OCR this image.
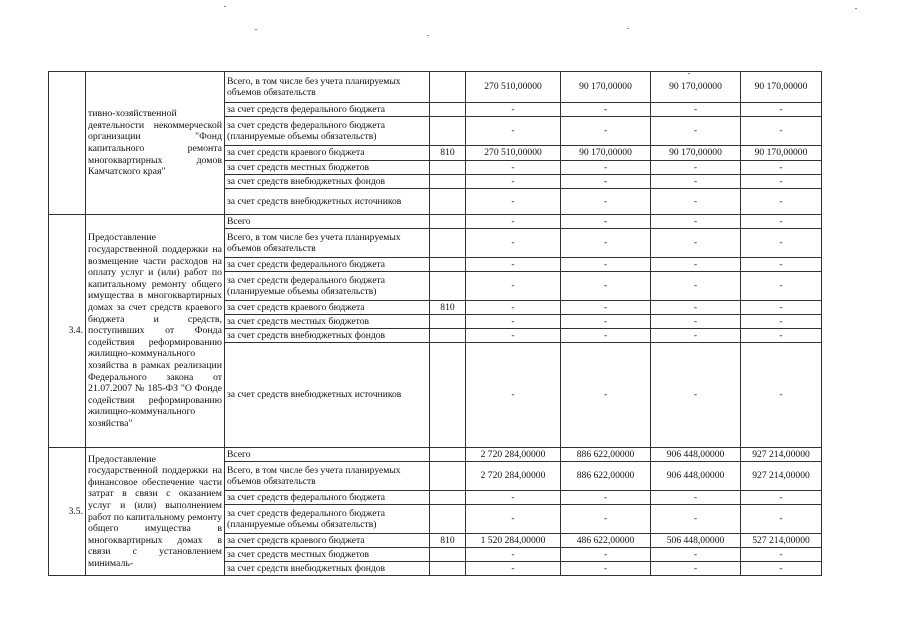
	тивно-хозяйственной деятельности некоммерческой организации "Фонд капитального ремонта многоквартирных домов Камчатского края"	Всего, в том числе без учета планируемых объемов обязательств		270 510,00000	90 170,00000	90 170,00000	90 170,00000
		за счет средств федерального бюджета		-	-	-	-
		за счет средств федерального бюджета (планируемые объемы обязательств)		-	-	-	-
		за счет средств краевого бюджета	810	270 510,00000	90 170,00000	90 170,00000	90 170,00000
		за счет средств местных бюджетов		-	-	-	-
		за счет средств внебюджетных фондов		-	-	-	-
		за счет средств внебюджетных источников		-	-	-	-
3.4.	Предоставление государственной поддержки на возмещение части расходов на оплату услуг и (или) работ по капитальному ремонту общего имущества в многоквартирных домах за счет средств краевого бюджета и средств, поступивших от Фонда содействия реформированию жилищно-коммунального хозяйства в рамках реализации Федерального закона от 21.07.2007 № 185-ФЗ "О Фонде содействия реформированию жилищно-коммунального хозяйства"	Всего		-	-	-	-
		Всего, в том числе без учета планируемых объемов обязательств		-	-	-	-
		за счет средств федерального бюджета		-	-	-	-
		за счет средств федерального бюджета (планируемые объемы обязательств)		-	-	-	-
		за счет средств краевого бюджета	810	-	-	-	-
		за счет средств местных бюджетов		-	-	-	-
		за счет средств внебюджетных фондов		-	-	-	-
		за счет средств внебюджетных источников		-	-	-	-
3.5.	Предоставление государственной поддержки на финансовое обеспечение части затрат в связи с оказанием услуг и (или) выполнением работ по капитальному ремонту общего имущества в многоквартирных домах в связи с установлением минималь-	Всего		2 720 284,00000	886 622,00000	906 448,00000	927 214,00000
		Всего, в том числе без учета планируемых объемов обязательств		2 720 284,00000	886 622,00000	906 448,00000	927 214,00000
		за счет средств федерального бюджета		-	-	-	-
		за счет средств федерального бюджета (планируемые объемы обязательств)		-	-	-	-
		за счет средств краевого бюджета	810	1 520 284,00000	486 622,00000	506 448,00000	527 214,00000
		за счет средств местных бюджетов		-	-	-	-
		за счет средств внебюджетных фондов		-	-	-	-
